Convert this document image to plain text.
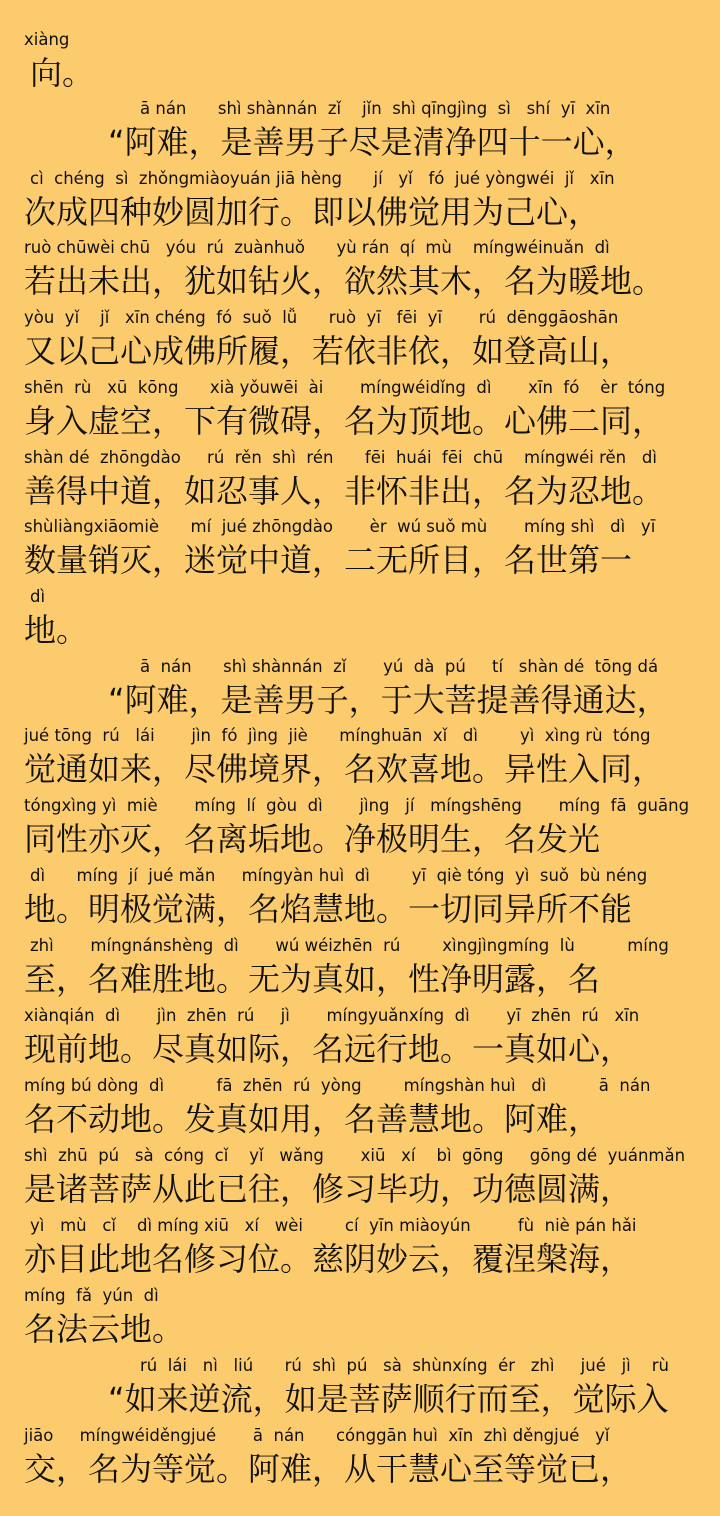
xiàng
向。
ā nán      shì shànnán  zǐ    jǐn  shì qīngjìng  sì   shí  yī  xīn
“阿难，是善男子尽是清净四十一心，
cì  chéng  sì  zhǒngmiàoyuán jiā hèng      jí   yǐ   fó  jué yòngwéi  jǐ   xīn
次成四种妙圆加行。即以佛觉用为己心，
ruò chūwèi chū   yóu  rú  zuànhuǒ      yù rán  qí  mù    míngwéinuǎn  dì
若出未出，犹如钻火，欲然其木，名为暖地。
yòu  yǐ    jǐ   xīn chéng  fó  suǒ  lǚ      ruò  yī   fēi  yī       rú  dēnggāoshān
又以己心成佛所履，若依非依，如登高山，
shēn  rù   xū  kōng      xià yǒuwēi  ài       míngwéidǐng  dì       xīn  fó    èr  tóng
身入虚空，下有微碍，名为顶地。心佛二同，
shàn dé  zhōngdào     rú  rěn  shì  rén      fēi  huái  fēi  chū    míngwéi rěn   dì
善得中道，如忍事人，非怀非出，名为忍地。
shùliàngxiāomiè      mí  jué zhōngdào       èr  wú suǒ mù       míng shì   dì   yī
数量销灭，迷觉中道，二无所目，名世第一
dì
地。
ā  nán      shì shànnán  zǐ       yú  dà  pú     tí   shàn dé  tōng dá
“阿难，是善男子，于大菩提善得通达，
jué tōng  rú   lái       jìn  fó  jìng  jiè      mínghuān  xǐ   dì        yì  xìng rù  tóng
觉通如来，尽佛境界，名欢喜地。异性入同，
tóngxìng yì  miè       míng  lí  gòu  dì       jìng   jí   míngshēng       míng  fā  guāng
同性亦灭，名离垢地。净极明生，名发光
dì      míng  jí  jué mǎn     míngyàn huì  dì        yī  qiè tóng  yì  suǒ  bù néng
地。明极觉满，名焰慧地。一切同异所不能
zhì       míngnánshèng  dì       wú wéizhēn  rú        xìngjìngmíng  lù          míng
至，名难胜地。无为真如，性净明露，名
xiànqián  dì       jìn  zhēn  rú     jì       míngyuǎnxíng  dì       yī  zhēn  rú   xīn
现前地。尽真如际，名远行地。一真如心，
míng bú dòng  dì          fā  zhēn  rú  yòng        míngshàn huì   dì          ā  nán
名不动地。发真如用，名善慧地。阿难，
shì  zhū  pú   sà  cóng  cǐ    yǐ   wǎng       xiū   xí    bì  gōng     gōng dé  yuánmǎn
是诸菩萨从此已往，修习毕功，功德圆满，
yì   mù   cǐ    dì míng xiū   xí   wèi        cí  yīn miàoyún         fù  niè pán hǎi
亦目此地名修习位。慈阴妙云，覆涅槃海，
míng  fǎ  yún  dì
名法云地。
rú  lái   nì   liú      rú  shì  pú   sà  shùnxíng  ér   zhì     jué   jì    rù
“如来逆流，如是菩萨顺行而至，觉际入
jiāo     míngwéiděngjué       ā  nán      cónggān huì  xīn  zhì děngjué   yǐ
交，名为等觉。阿难，从干慧心至等觉已，
